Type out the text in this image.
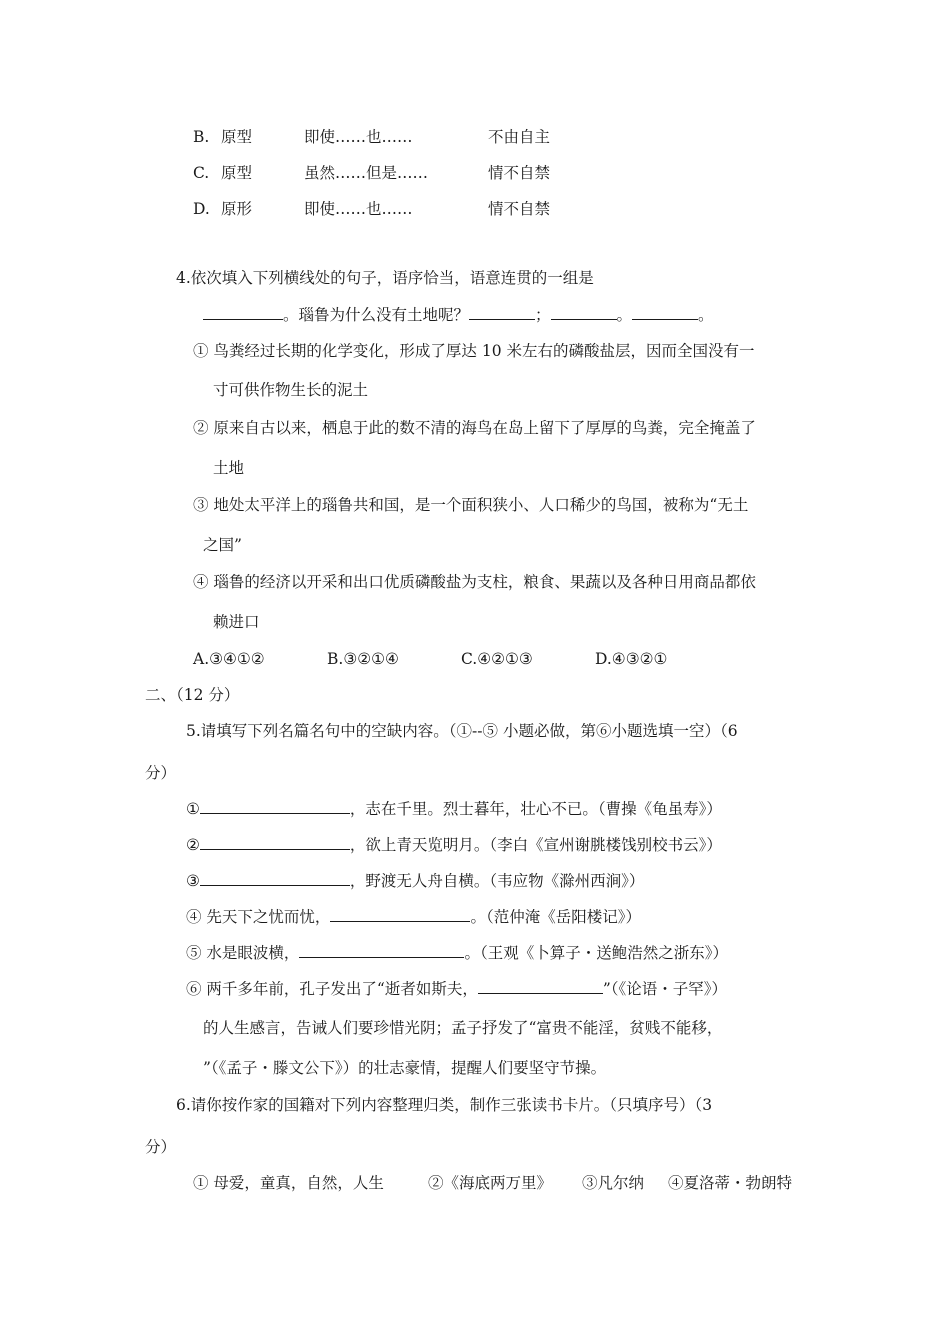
B. 原型	即使……也……	不由自主
C. 原型	虽然……但是……	情不自禁
D. 原形	即使……也……	情不自禁
4.依次填入下列横线处的句子，语序恰当，语意连贯的一组是
。瑙鲁为什么没有土地呢？	；	。	。
① 鸟粪经过长期的化学变化，形成了厚达 10 米左右的磷酸盐层，因而全国没有一
寸可供作物生长的泥土
② 原来自古以来，栖息于此的数不清的海鸟在岛上留下了厚厚的鸟粪，完全掩盖了
土地
③ 地处太平洋上的瑙鲁共和国，是一个面积狭小、人口稀少的鸟国，被称为“无土
之国”
④ 瑙鲁的经济以开采和出口优质磷酸盐为支柱，粮食、果蔬以及各种日用商品都依
赖进口
A.③④①②	B.③②①④	C.④②①③	D.④③②①
二、（12 分）
5.请填写下列名篇名句中的空缺内容。（①--⑤ 小题必做，第⑥小题选填一空）（6
分）
①	，志在千里。烈士暮年，壮心不已。（曹操《龟虽寿》）
②	，欲上青天览明月。（李白《宣州谢朓楼饯别校书云》）
③	，野渡无人舟自横。（韦应物《滁州西涧》）
④ 先天下之忧而忧，	。（范仲淹《岳阳楼记》）
⑤ 水是眼波横，	。（王观《卜算子・送鲍浩然之浙东》）
⑥ 两千多年前，孔子发出了“逝者如斯夫，	”（《论语・子罕》）
的人生感言，告诫人们要珍惜光阴；孟子抒发了“富贵不能淫，贫贱不能移，
”（《孟子・滕文公下》）的壮志豪情，提醒人们要坚守节操。
6.请你按作家的国籍对下列内容整理归类，制作三张读书卡片。（只填序号）（3
分）
① 母爱，童真，自然，人生	②《海底两万里》 ③凡尔纳 ④夏洛蒂・勃朗特
